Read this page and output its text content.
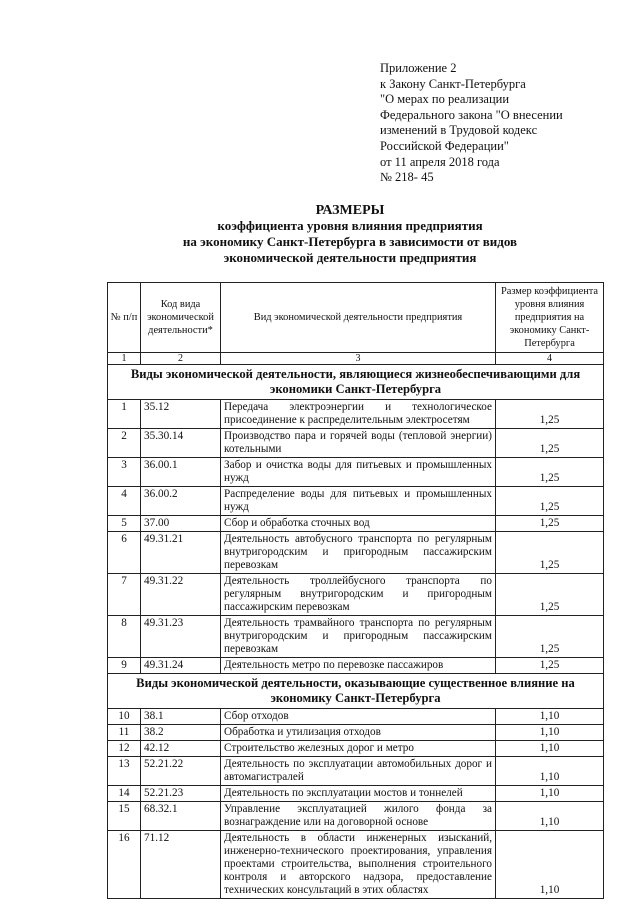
Приложение 2
к Закону Санкт-Петербурга
"О мерах по реализации
Федерального закона "О внесении
изменений в Трудовой кодекс
Российской Федерации"
от 11 апреля 2018 года
№ 218- 45
РАЗМЕРЫ
коэффициента уровня влияния предприятия
на экономику Санкт-Петербурга в зависимости от видов
экономической деятельности предприятия
№ п/п	Код вида экономической деятельности*	Вид экономической деятельности предприятия	Размер коэффициента уровня влияния предприятия на экономику Санкт-Петербурга
1	2	3	4
Виды экономической деятельности, являющиеся жизнеобеспечивающими для экономики Санкт-Петербурга			
1	35.12	Передача электроэнергии и технологическое присоединение к распределительным электросетям	1,25
2	35.30.14	Производство пара и горячей воды (тепловой энергии) котельными	1,25
3	36.00.1	Забор и очистка воды для питьевых и промышленных нужд	1,25
4	36.00.2	Распределение воды для питьевых и промышленных нужд	1,25
5	37.00	Сбор и обработка сточных вод	1,25
6	49.31.21	Деятельность автобусного транспорта по регулярным внутригородским и пригородным пассажирским перевозкам	1,25
7	49.31.22	Деятельность троллейбусного транспорта по регулярным внутригородским и пригородным пассажирским перевозкам	1,25
8	49.31.23	Деятельность трамвайного транспорта по регулярным внутригородским и пригородным пассажирским перевозкам	1,25
9	49.31.24	Деятельность метро по перевозке пассажиров	1,25
Виды экономической деятельности, оказывающие существенное влияние на экономику Санкт-Петербурга			
10	38.1	Сбор отходов	1,10
11	38.2	Обработка и утилизация отходов	1,10
12	42.12	Строительство железных дорог и метро	1,10
13	52.21.22	Деятельность по эксплуатации автомобильных дорог и автомагистралей	1,10
14	52.21.23	Деятельность по эксплуатации мостов и тоннелей	1,10
15	68.32.1	Управление эксплуатацией жилого фонда за вознаграждение или на договорной основе	1,10
16	71.12	Деятельность в области инженерных изысканий, инженерно-технического проектирования, управления проектами строительства, выполнения строительного контроля и авторского надзора, предоставление технических консультаций в этих областях	1,10
